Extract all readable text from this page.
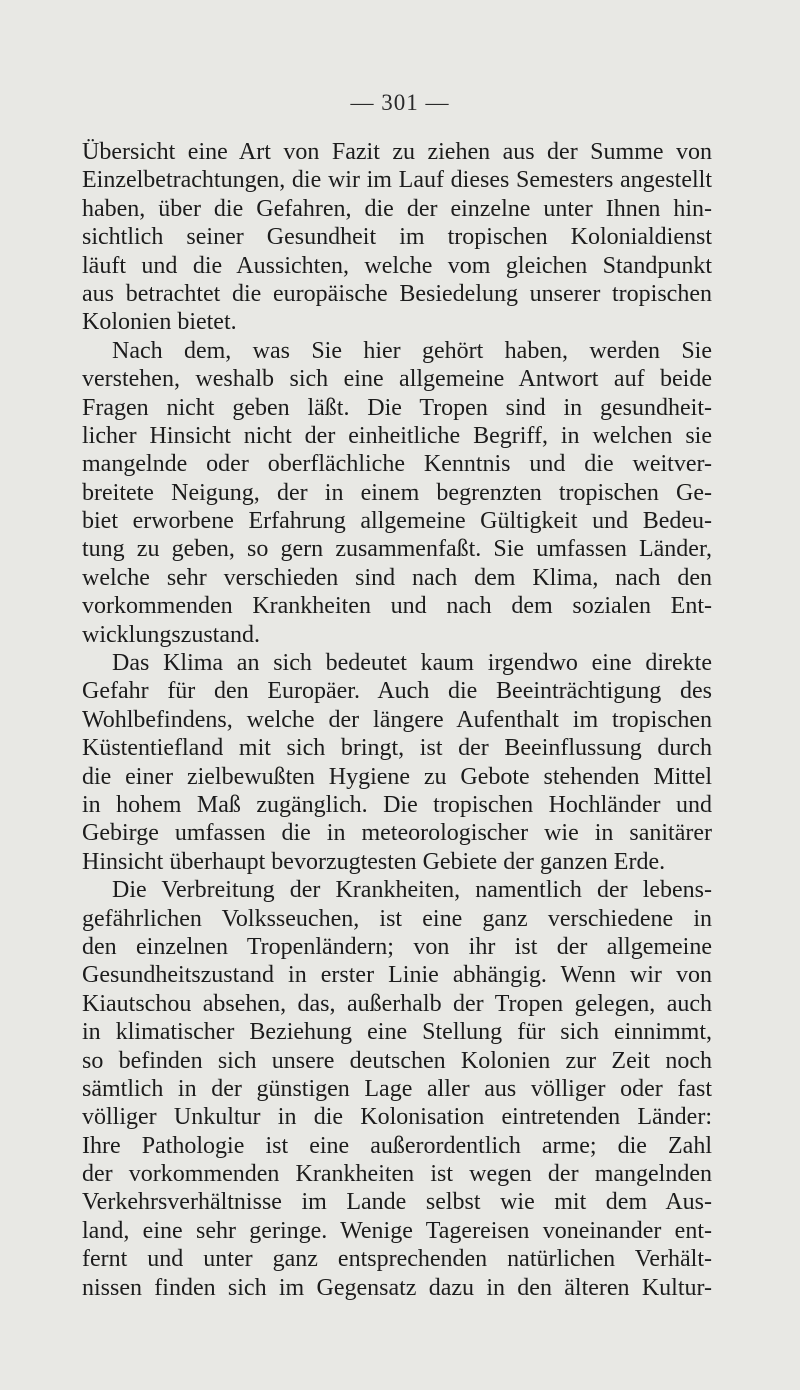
— 301 —
Übersicht eine Art von Fazit zu ziehen aus der Summe von
Einzelbetrachtungen, die wir im Lauf dieses Semesters angestellt
haben, über die Gefahren, die der einzelne unter Ihnen hin-
sichtlich seiner Gesundheit im tropischen Kolonialdienst
läuft und die Aussichten, welche vom gleichen Standpunkt
aus betrachtet die europäische Besiedelung unserer tropischen
Kolonien bietet.
Nach dem, was Sie hier gehört haben, werden Sie
verstehen, weshalb sich eine allgemeine Antwort auf beide
Fragen nicht geben läßt. Die Tropen sind in gesundheit-
licher Hinsicht nicht der einheitliche Begriff, in welchen sie
mangelnde oder oberflächliche Kenntnis und die weitver-
breitete Neigung, der in einem begrenzten tropischen Ge-
biet erworbene Erfahrung allgemeine Gültigkeit und Bedeu-
tung zu geben, so gern zusammenfaßt. Sie umfassen Länder,
welche sehr verschieden sind nach dem Klima, nach den
vorkommenden Krankheiten und nach dem sozialen Ent-
wicklungszustand.
Das Klima an sich bedeutet kaum irgendwo eine direkte
Gefahr für den Europäer. Auch die Beeinträchtigung des
Wohlbefindens, welche der längere Aufenthalt im tropischen
Küstentiefland mit sich bringt, ist der Beeinflussung durch
die einer zielbewußten Hygiene zu Gebote stehenden Mittel
in hohem Maß zugänglich. Die tropischen Hochländer und
Gebirge umfassen die in meteorologischer wie in sanitärer
Hinsicht überhaupt bevorzugtesten Gebiete der ganzen Erde.
Die Verbreitung der Krankheiten, namentlich der lebens-
gefährlichen Volksseuchen, ist eine ganz verschiedene in
den einzelnen Tropenländern; von ihr ist der allgemeine
Gesundheitszustand in erster Linie abhängig. Wenn wir von
Kiautschou absehen, das, außerhalb der Tropen gelegen, auch
in klimatischer Beziehung eine Stellung für sich einnimmt,
so befinden sich unsere deutschen Kolonien zur Zeit noch
sämtlich in der günstigen Lage aller aus völliger oder fast
völliger Unkultur in die Kolonisation eintretenden Länder:
Ihre Pathologie ist eine außerordentlich arme; die Zahl
der vorkommenden Krankheiten ist wegen der mangelnden
Verkehrsverhältnisse im Lande selbst wie mit dem Aus-
land, eine sehr geringe. Wenige Tagereisen voneinander ent-
fernt und unter ganz entsprechenden natürlichen Verhält-
nissen finden sich im Gegensatz dazu in den älteren Kultur-
